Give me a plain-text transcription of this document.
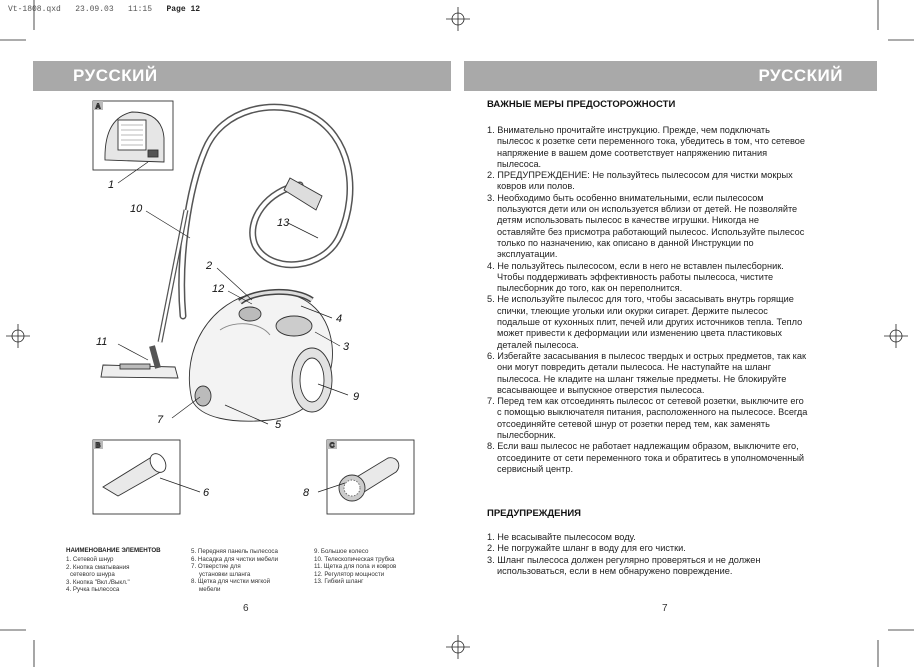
Vt-1808.qxd 23.09.03 11:15 Page 12
РУССКИЙ	РУССКИЙ
A
B	C
1
10
13
2
12
4
3
11
9
7	5
6	8
НАИМЕНОВАНИЕ ЭЛЕМЕНТОВ
1. Сетевой шнур
2. Кнопка сматывания
сетевого шнура
3. Кнопка "Вкл./Выкл."
4. Ручка пылесоса
5. Передняя панель пылесоса
6. Насадка для чистки мебели
7. Отверстие для
установки шланга
8. Щетка для чистки мягкой
мебели
9. Большое колесо
10. Телескопическая трубка
11. Щетка для пола и ковров
12. Регулятор мощности
13. Гибкий шланг
6
ВАЖНЫЕ МЕРЫ ПРЕДОСТОРОЖНОСТИ
1. Внимательно прочитайте инструкцию. Прежде, чем подключать
пылесос к розетке сети переменного тока, убедитесь в том, что сетевое
напряжение в вашем доме соответствует напряжению питания
пылесоса.
2. ПРЕДУПРЕЖДЕНИЕ: Не пользуйтесь пылесосом для чистки мокрых
ковров или полов.
3. Необходимо быть особенно внимательными, если пылесосом
пользуются дети или он используется вблизи от детей. Не позволяйте
детям использовать пылесос в качестве игрушки. Никогда не
оставляйте без присмотра работающий пылесос. Используйте пылесос
только по назначению, как описано в данной Инструкции по
эксплуатации.
4. Не пользуйтесь пылесосом, если в него не вставлен пылесборник.
Чтобы поддерживать эффективность работы пылесоса, чистите
пылесборник до того, как он переполнится.
5. Не используйте пылесос для того, чтобы засасывать внутрь горящие
спички, тлеющие угольки или окурки сигарет. Держите пылесос
подальше от кухонных плит, печей или других источников тепла. Тепло
может привести к деформации или изменению цвета пластиковых
деталей пылесоса.
6. Избегайте засасывания в пылесос твердых и острых предметов, так как
они могут повредить детали пылесоса. Не наступайте на шланг
пылесоса. Не кладите на шланг тяжелые предметы. Не блокируйте
всасывающее и выпускное отверстия пылесоса.
7. Перед тем как отсоединять пылесос от сетевой розетки, выключите его
с помощью выключателя питания, расположенного на пылесосе. Всегда
отсоединяйте сетевой шнур от розетки перед тем, как заменять
пылесборник.
8. Если ваш пылесос не работает надлежащим образом, выключите его,
отсоедините от сети переменного тока и обратитесь в уполномоченный
сервисный центр.
ПРЕДУПРЕЖДЕНИЯ
1. Не всасывайте пылесосом воду.
2. Не погружайте шланг в воду для его чистки.
3. Шланг пылесоса должен регулярно проверяться и не должен
использоваться, если в нем обнаружено повреждение.
7
